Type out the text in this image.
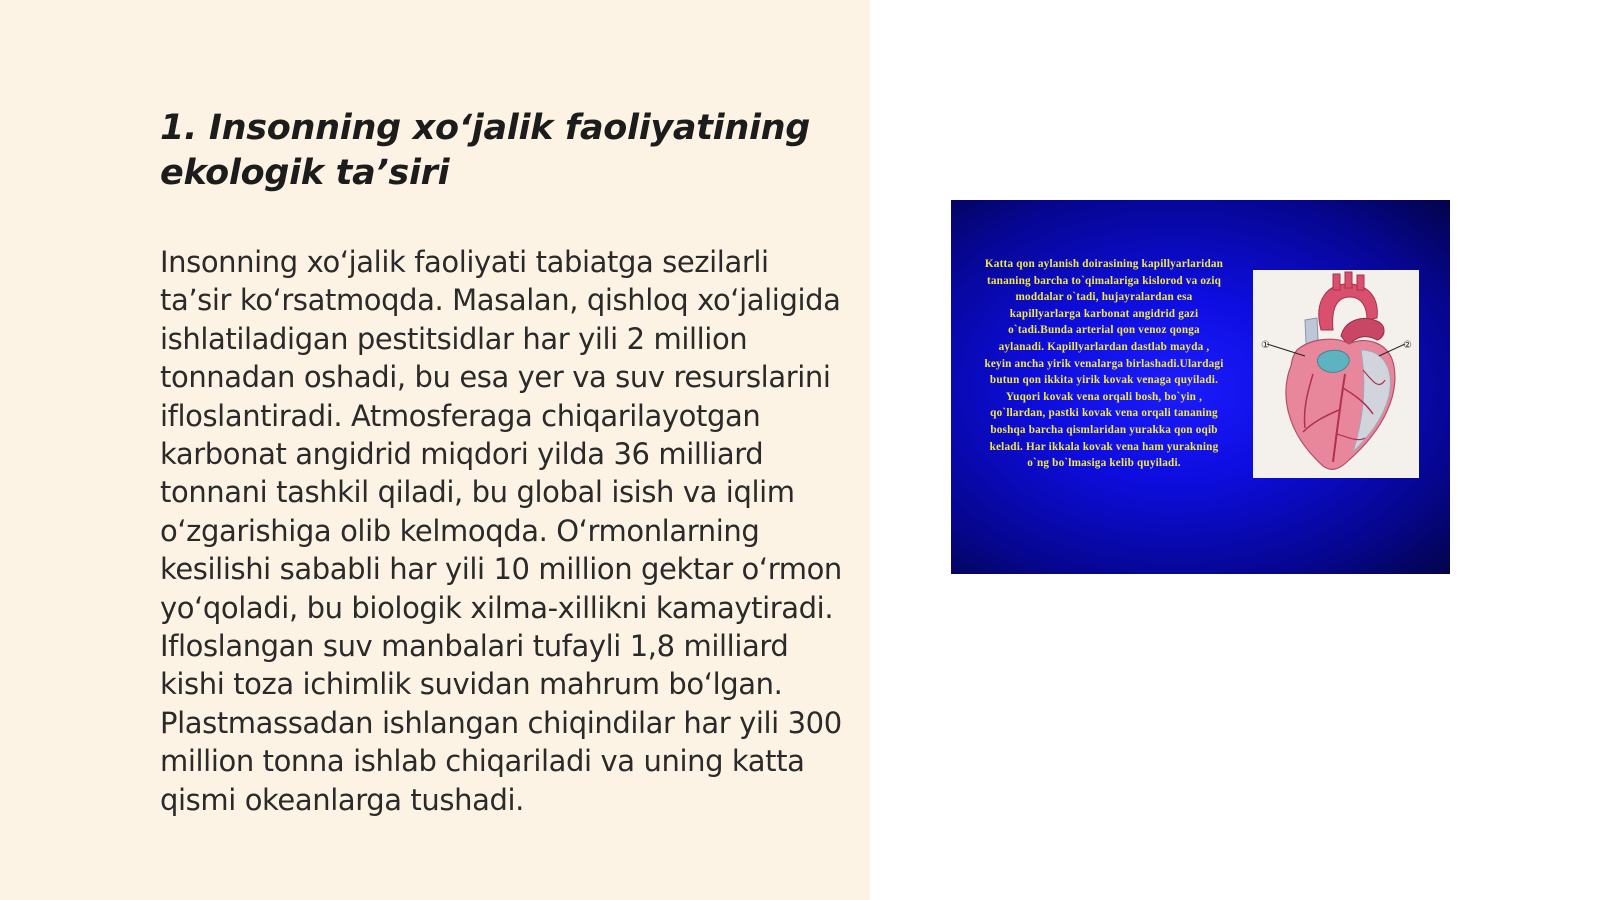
1. Insonning xo‘jalik faoliyatining ekologik ta’siri

Insonning xo‘jalik faoliyati tabiatga sezilarli ta’sir ko‘rsatmoqda. Masalan, qishloq xo‘jaligida ishlatiladigan pestitsidlar har yili 2 million tonnadan oshadi, bu esa yer va suv resurslarini ifloslantiradi. Atmosferaga chiqarilayotgan karbonat angidrid miqdori yilda 36 milliard tonnani tashkil qiladi, bu global isish va iqlim o‘zgarishiga olib kelmoqda. O‘rmonlarning kesilishi sababli har yili 10 million gektar o‘rmon yo‘qoladi, bu biologik xilma-xillikni kamaytiradi. Ifloslangan suv manbalari tufayli 1,8 milliard kishi toza ichimlik suvidan mahrum bo‘lgan. Plastmassadan ishlangan chiqindilar har yili 300 million tonna ishlab chiqariladi va uning katta qismi okeanlarga tushadi.

Katta qon aylanish doirasining kapillyarlaridan tananing barcha to`qimalariga kislorod va oziq moddalar o`tadi, hujayralardan esa kapillyarlarga karbonat angidrid gazi o`tadi.Bunda arterial qon venoz qonga aylanadi. Kapillyarlardan dastlab mayda , keyin ancha yirik venalarga birlashadi.Ulardagi butun qon ikkita yirik kovak venaga quyiladi. Yuqori kovak vena orqali bosh, bo`yin , qo`llardan, pastki kovak vena orqali tananing boshqa barcha qismlaridan yurakka qon oqib keladi. Har ikkala kovak vena ham yurakning o`ng bo`lmasiga kelib quyiladi.

①	②
